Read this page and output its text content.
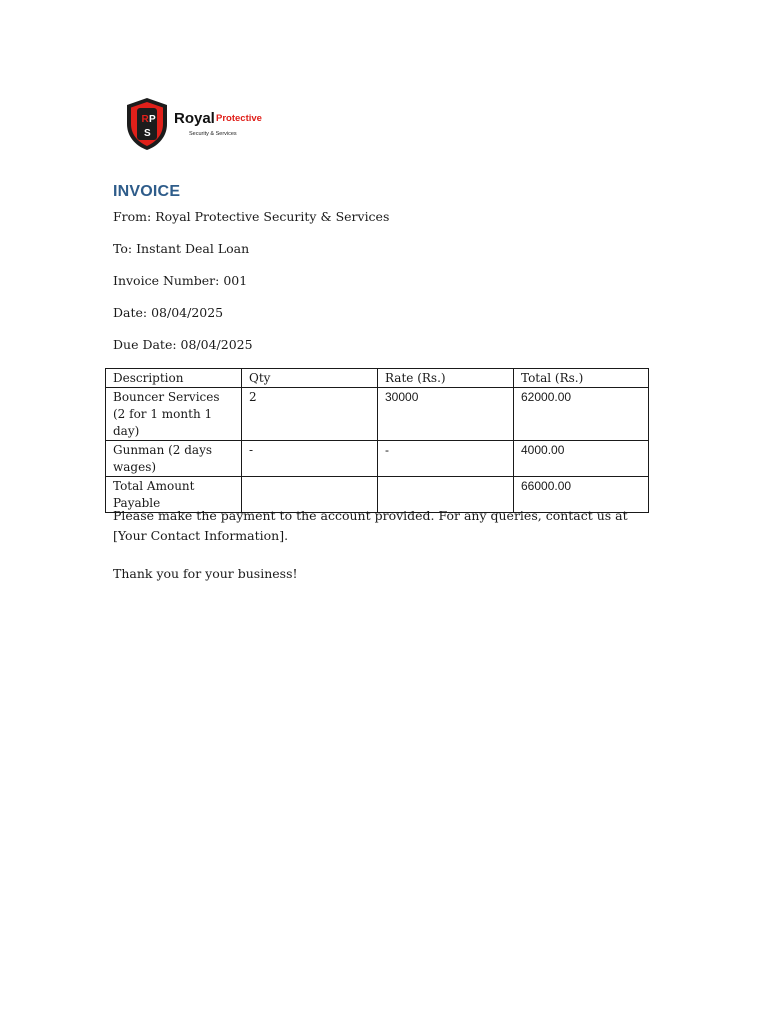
R P
S
Royal Protective
Security & Services
INVOICE
From: Royal Protective Security & Services
To: Instant Deal Loan
Invoice Number: 001
Date: 08/04/2025
Due Date: 08/04/2025
Description	Qty	Rate (Rs.)	Total (Rs.)
Bouncer Services (2 for 1 month 1 day)	2	30000	62000.00
Gunman (2 days wages)	-	-	4000.00
Total Amount Payable			66000.00
Please make the payment to the account provided. For any queries, contact us at [Your Contact Information].
Thank you for your business!
